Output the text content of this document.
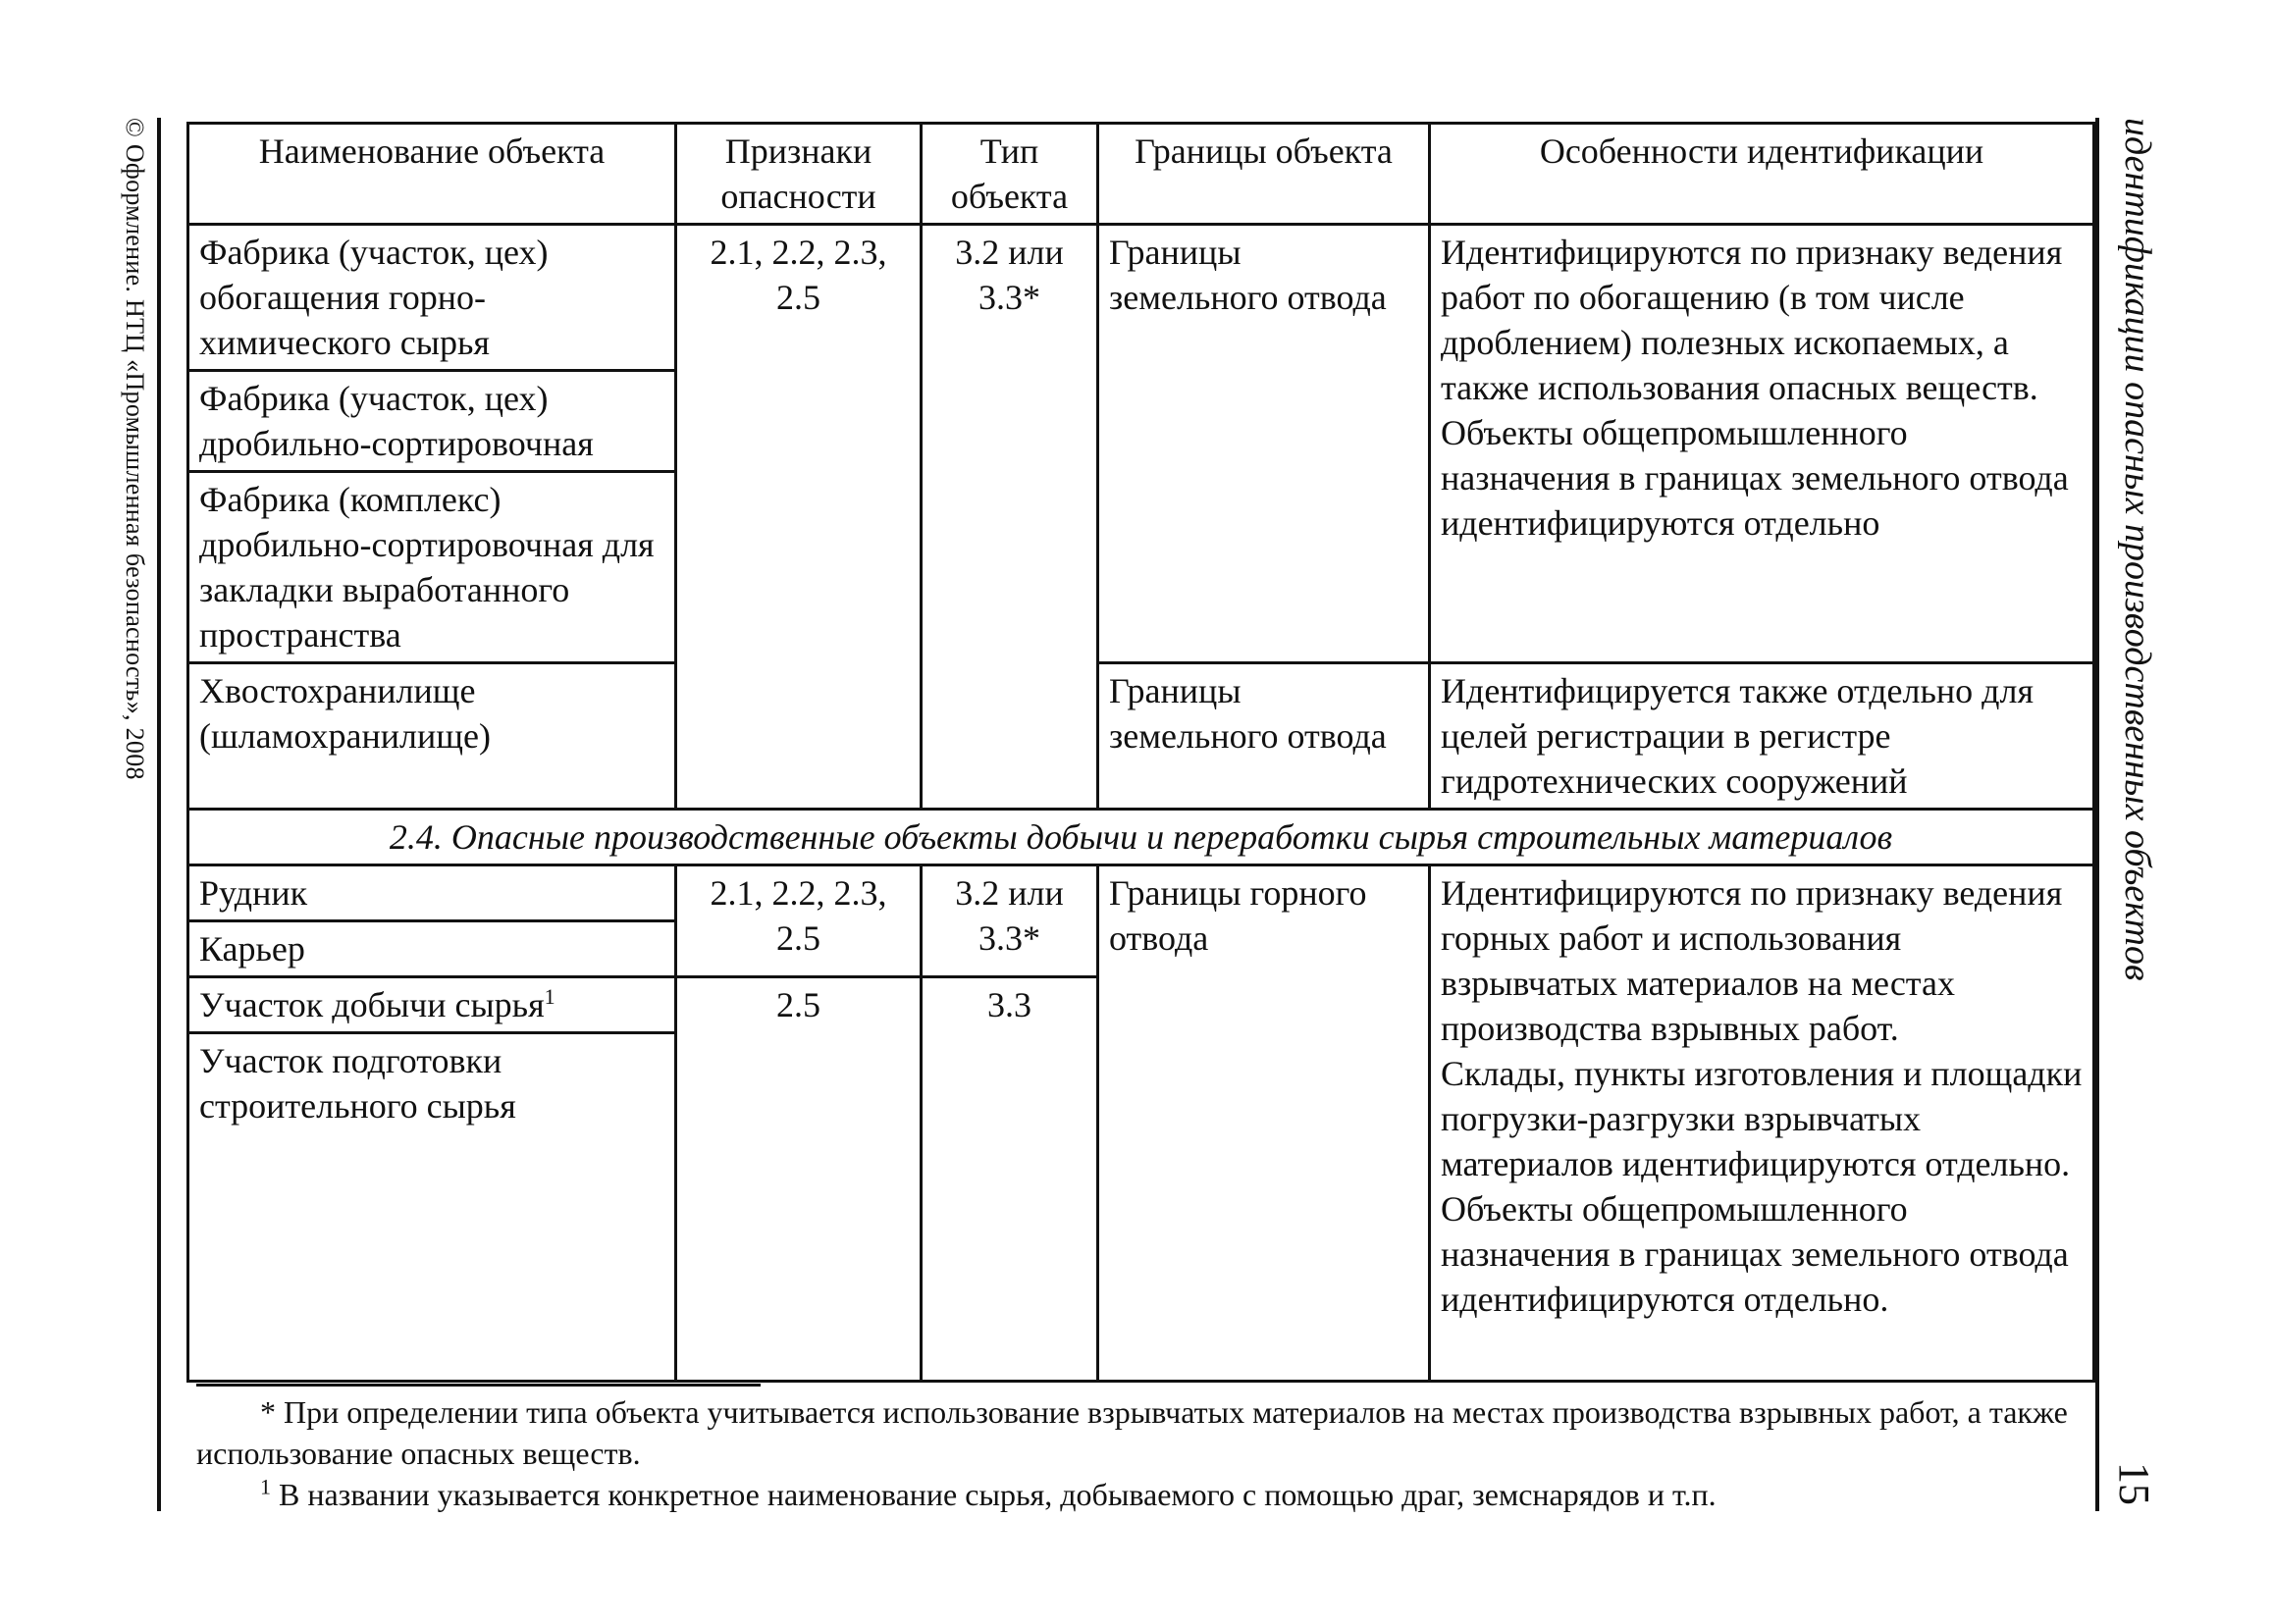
© Оформление. НТЦ «Промышленная безопасность», 2008	идентификации опасных производственных объектов
15
Наименование объекта	Признаки опасности	Тип объекта	Границы объекта	Особенности идентификации
Фабрика (участок, цех) обогащения горно-химического сырья	2.1, 2.2, 2.3, 2.5	3.2 или 3.3*	Границы земельного отвода	Идентифицируются по признаку ведения работ по обогащению (в том числе дроблением) полезных ископаемых, а также использования опасных веществ.
Объекты общепромышленного назначения в границах земельного отвода идентифицируются отдельно

Фабрика (участок, цех) дробильно-сортировочная				
Фабрика (комплекс) дробильно-сортировочная для закладки выработанного пространства				
Хвостохранилище (шламохранилище)			Границы земельного отвода	Идентифицируется также отдельно для целей регистрации в регистре гидротехнических сооружений
2.4. Опасные производственные объекты добычи и переработки сырья строительных материалов				
Рудник	2.1, 2.2, 2.3, 2.5	3.2 или 3.3*	Границы горного отвода	Идентифицируются по признаку ведения горных работ и использования взрывчатых материалов на местах производства взрывных работ.
Склады, пункты изготовления и площадки погрузки-разгрузки взрывчатых материалов идентифицируются отдельно.
Объекты общепромышленного назначения в границах земельного отвода идентифицируются отдельно.

Карьер				
Участок добычи сырья$^1$	2.5	3.3		
Участок подготовки строительного сырья				

* При определении типа объекта учитывается использование взрывчатых материалов на местах производства взрывных работ, а также использование опасных веществ.

$^1$ В названии указывается конкретное наименование сырья, добываемого с помощью драг, земснарядов и т.п.
